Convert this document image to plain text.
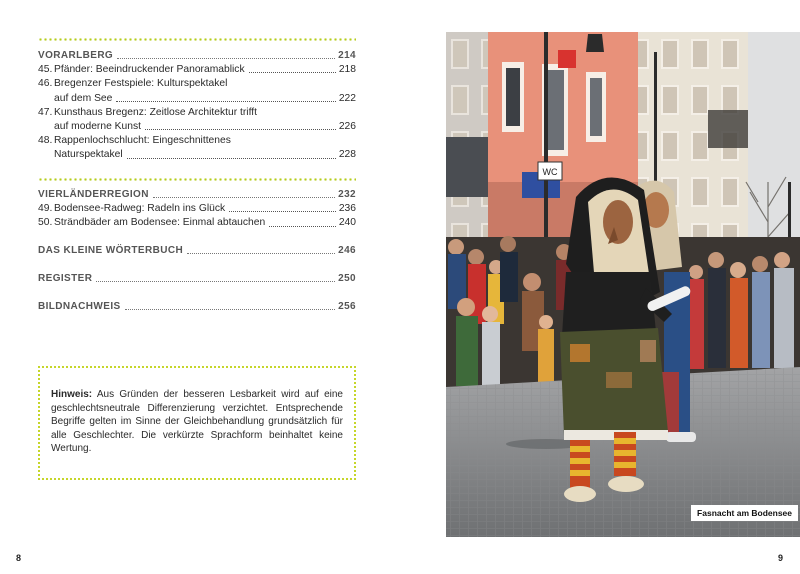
VORARLBERG	214
45. Pfänder: Beeindruckender Panoramablick	218
46. Bregenzer Festspiele: Kulturspektakel
auf dem See	222
47. Kunsthaus Bregenz: Zeitlose Architektur trifft
auf moderne Kunst	226
48. Rappenlochschlucht: Eingeschnittenes
Naturspektakel	228
VIERLÄNDERREGION	232
49. Bodensee-Radweg: Radeln ins Glück	236
50. Strändbäder am Bodensee: Einmal abtauchen	240
DAS KLEINE WÖRTERBUCH	246
REGISTER	250
BILDNACHWEIS	256
Hinweis: Aus Gründen der besseren Lesbarkeit wird auf eine geschlechtsneutrale Differenzierung verzichtet. Entsprechende Begriffe gelten im Sinne der Gleichbehandlung grundsätzlich für alle Geschlechter. Die verkürzte Sprachform beinhaltet keine Wertung.
8
WC
Fasnacht am Bodensee
9
